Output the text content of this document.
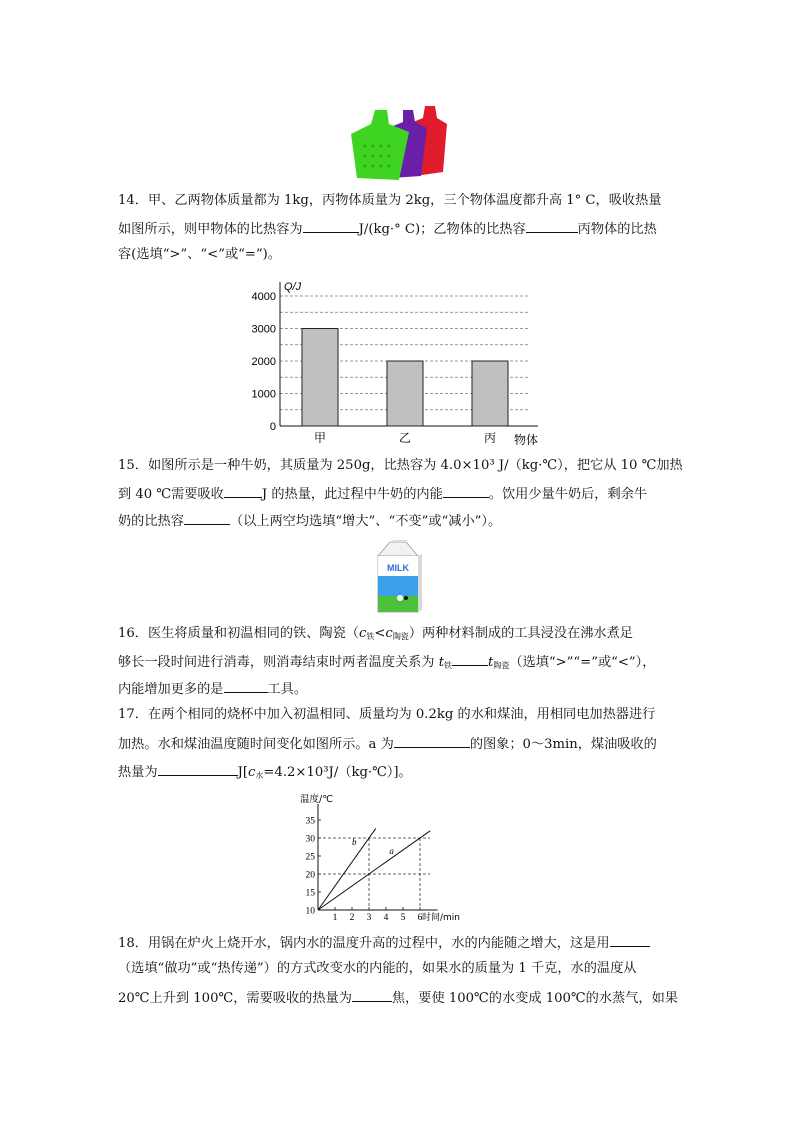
14．甲、乙两物体质量都为 1kg，丙物体质量为 2kg，三个物体温度都升高 1° C，吸收热量
如图所示，则甲物体的比热容为	J/(kg·° C)；乙物体的比热容	丙物体的比热
容(选填“>”、“<”或“=”)。
Q/J
0
1000
2000
3000
4000
甲	乙	丙 物体
15．如图所示是一种牛奶，其质量为 250g，比热容为 4.0×10³ J/（kg·℃），把它从 10 ℃加热
到 40 ℃需要吸收	J 的热量，此过程中牛奶的内能	。饮用少量牛奶后，剩余牛
奶的比热容	（以上两空均选填“增大”、“不变”或“减小”）。
MILK
16．医生将质量和初温相同的铁、陶瓷$(c_铁<c_{陶瓷})$两种材料制成的工具浸没在沸水煮足
够长一段时间进行消毒，则消毒结束时两者温度关系为 $t_铁$	$t_{陶瓷}$（选填“>”“=”或“<”），
内能增加更多的是	工具。
17．在两个相同的烧杯中加入初温相同、质量均为 0.2kg 的水和煤油，用相同电加热器进行
加热。水和煤油温度随时间变化如图所示。a 为	的图象；0～3min，煤油吸收的
热量为	$J[c_水=4.2\times 10^3J/(kg\cdot℃)]$。
温度/℃
时间/min
10
15
20
25
30
35
1 2 3 4 5 6
a
b
18．用锅在炉火上烧开水，锅内水的温度升高的过程中，水的内能随之增大，这是用
（选填“做功”或“热传递”）的方式改变水的内能的，如果水的质量为 1 千克，水的温度从
20℃上升到 100℃，需要吸收的热量为	焦，要使 100℃的水变成 100℃的水蒸气，如果
